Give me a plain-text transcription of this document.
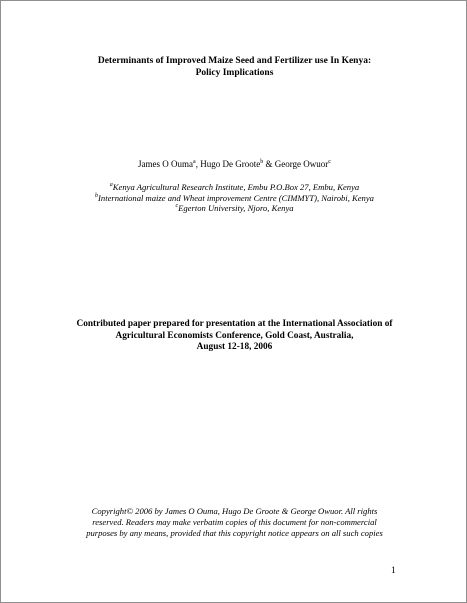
Determinants of Improved Maize Seed and Fertilizer use In Kenya:
Policy Implications
James O Ouma$^a$, Hugo De Groote$^b$ & George Owuor$^c$
$^a$Kenya Agricultural Research Institute, Embu P.O.Box 27, Embu, Kenya
$^b$International maize and Wheat improvement Centre (CIMMYT), Nairobi, Kenya
$^c$Egerton University, Njoro, Kenya
Contributed paper prepared for presentation at the International Association of
Agricultural Economists Conference, Gold Coast, Australia,
August 12-18, 2006
Copyright© 2006 by James O Ouma, Hugo De Groote & George Owuor. All rights
reserved. Readers may make verbatim copies of this document for non-commercial
purposes by any means, provided that this copyright notice appears on all such copies
1
